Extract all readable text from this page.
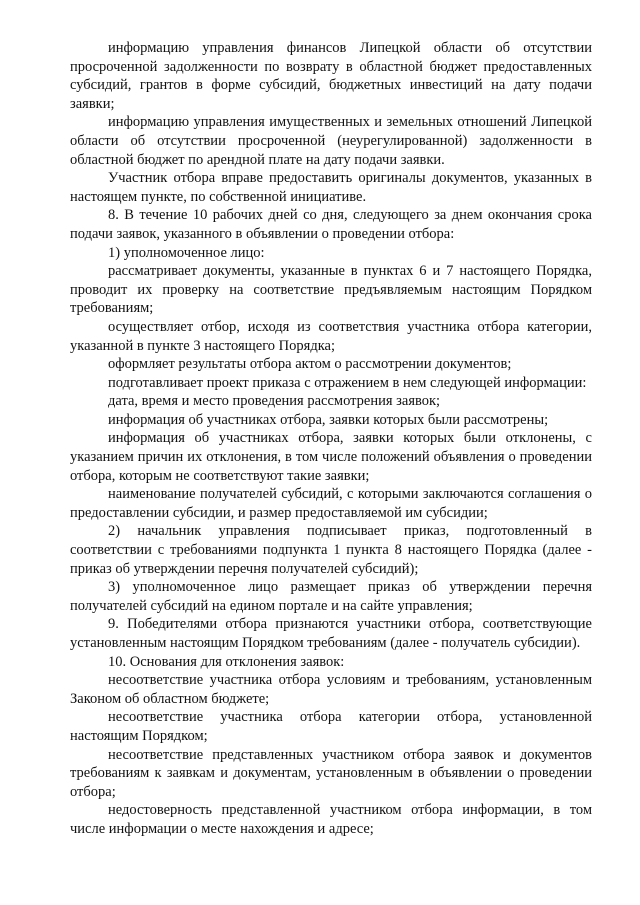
информацию управления финансов Липецкой области об отсутствии просроченной задолженности по возврату в областной бюджет предоставленных субсидий, грантов в форме субсидий, бюджетных инвестиций на дату подачи заявки;

информацию управления имущественных и земельных отношений Липецкой области об отсутствии просроченной (неурегулированной) задолженности в областной бюджет по арендной плате на дату подачи заявки.

Участник отбора вправе предоставить оригиналы документов, указанных в настоящем пункте, по собственной инициативе.

8. В течение 10 рабочих дней со дня, следующего за днем окончания срока подачи заявок, указанного в объявлении о проведении отбора:

1) уполномоченное лицо:

рассматривает документы, указанные в пунктах 6 и 7 настоящего Порядка, проводит их проверку на соответствие предъявляемым настоящим Порядком требованиям;

осуществляет отбор, исходя из соответствия участника отбора категории, указанной в пункте 3 настоящего Порядка;

оформляет результаты отбора актом о рассмотрении документов;

подготавливает проект приказа с отражением в нем следующей информации:

дата, время и место проведения рассмотрения заявок;

информация об участниках отбора, заявки которых были рассмотрены;

информация об участниках отбора, заявки которых были отклонены, с указанием причин их отклонения, в том числе положений объявления о проведении отбора, которым не соответствуют такие заявки;

наименование получателей субсидий, с которыми заключаются соглашения о предоставлении субсидии, и размер предоставляемой им субсидии;

2) начальник управления подписывает приказ, подготовленный в соответствии с требованиями подпункта 1 пункта 8 настоящего Порядка (далее - приказ об утверждении перечня получателей субсидий);

3) уполномоченное лицо размещает приказ об утверждении перечня получателей субсидий на едином портале и на сайте управления;

9. Победителями отбора признаются участники отбора, соответствующие установленным настоящим Порядком требованиям (далее - получатель субсидии).

10. Основания для отклонения заявок:

несоответствие участника отбора условиям и требованиям, установленным Законом об областном бюджете;

несоответствие участника отбора категории отбора, установленной настоящим Порядком;

несоответствие представленных участником отбора заявок и документов требованиям к заявкам и документам, установленным в объявлении о проведении отбора;

недостоверность представленной участником отбора информации, в том числе информации о месте нахождения и адресе;
